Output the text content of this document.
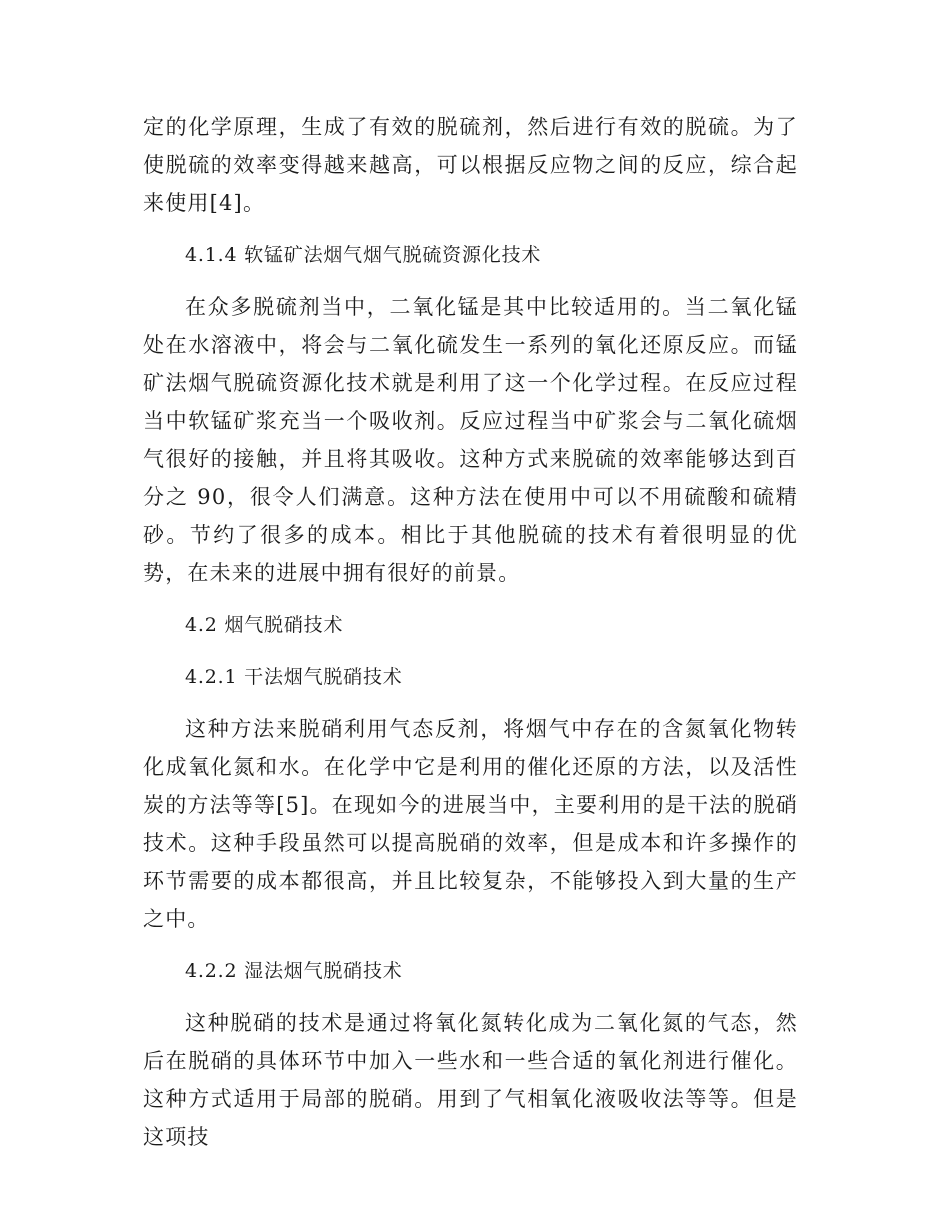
定的化学原理，生成了有效的脱硫剂，然后进行有效的脱硫。为了使脱硫的效率变得越来越高，可以根据反应物之间的反应，综合起来使用[4]。

4.1.4 软锰矿法烟气烟气脱硫资源化技术

在众多脱硫剂当中，二氧化锰是其中比较适用的。当二氧化锰处在水溶液中，将会与二氧化硫发生一系列的氧化还原反应。而锰矿法烟气脱硫资源化技术就是利用了这一个化学过程。在反应过程当中软锰矿浆充当一个吸收剂。反应过程当中矿浆会与二氧化硫烟气很好的接触，并且将其吸收。这种方式来脱硫的效率能够达到百分之 90，很令人们满意。这种方法在使用中可以不用硫酸和硫精砂。节约了很多的成本。相比于其他脱硫的技术有着很明显的优势，在未来的进展中拥有很好的前景。

4.2 烟气脱硝技术

4.2.1 干法烟气脱硝技术

这种方法来脱硝利用气态反剂，将烟气中存在的含氮氧化物转化成氧化氮和水。在化学中它是利用的催化还原的方法，以及活性炭的方法等等[5]。在现如今的进展当中，主要利用的是干法的脱硝技术。这种手段虽然可以提高脱硝的效率，但是成本和许多操作的环节需要的成本都很高，并且比较复杂，不能够投入到大量的生产之中。

4.2.2 湿法烟气脱硝技术

这种脱硝的技术是通过将氧化氮转化成为二氧化氮的气态，然后在脱硝的具体环节中加入一些水和一些合适的氧化剂进行催化。这种方式适用于局部的脱硝。用到了气相氧化液吸收法等等。但是这项技
